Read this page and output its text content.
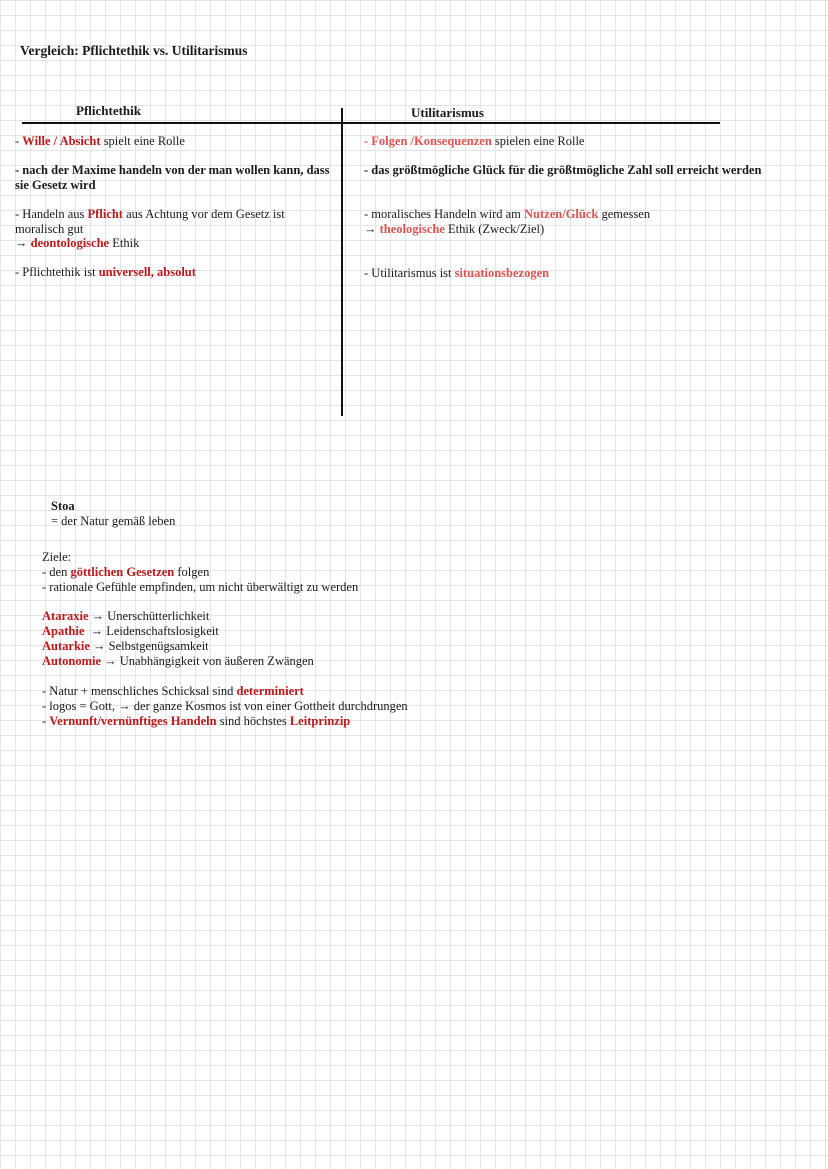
Vergleich: Pflichtethik vs. Utilitarismus
Pflichtethik	Utilitarismus
- Wille / Absicht spielt eine Rolle
- nach der Maxime handeln von der man wollen kann, dass sie Gesetz wird
- Handeln aus Pflicht aus Achtung vor dem Gesetz ist moralisch gut
→ deontologische Ethik
- Pflichtethik ist universell, absolut
- Folgen /Konsequenzen spielen eine Rolle
- das größtmögliche Glück für die größtmögliche Zahl soll erreicht werden
- moralisches Handeln wird am Nutzen/Glück gemessen
→ theologische Ethik (Zweck/Ziel)
- Utilitarismus ist situationsbezogen
Stoa
= der Natur gemäß leben
Ziele:
- den göttlichen Gesetzen folgen
- rationale Gefühle empfinden, um nicht überwältigt zu werden
Ataraxie → Unerschütterlichkeit
Apathie  → Leidenschaftslosigkeit
Autarkie → Selbstgenügsamkeit
Autonomie → Unabhängigkeit von äußeren Zwängen
- Natur + menschliches Schicksal sind determiniert
- logos = Gott, → der ganze Kosmos ist von einer Gottheit durchdrungen
- Vernunft/vernünftiges Handeln sind höchstes Leitprinzip
